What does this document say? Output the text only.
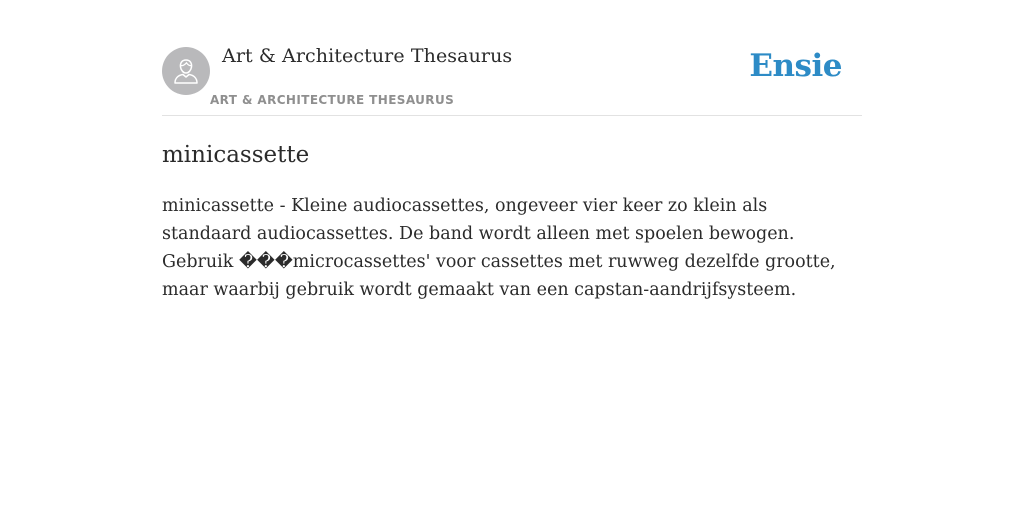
Art & Architecture Thesaurus
ART & ARCHITECTURE THESAURUS
Ensie
minicassette

minicassette - Kleine audiocassettes, ongeveer vier keer zo klein als standaard audiocassettes. De band wordt alleen met spoelen bewogen. Gebruik ���microcassettes' voor cassettes met ruwweg dezelfde grootte, maar waarbij gebruik wordt gemaakt van een capstan-aandrijfsysteem.
